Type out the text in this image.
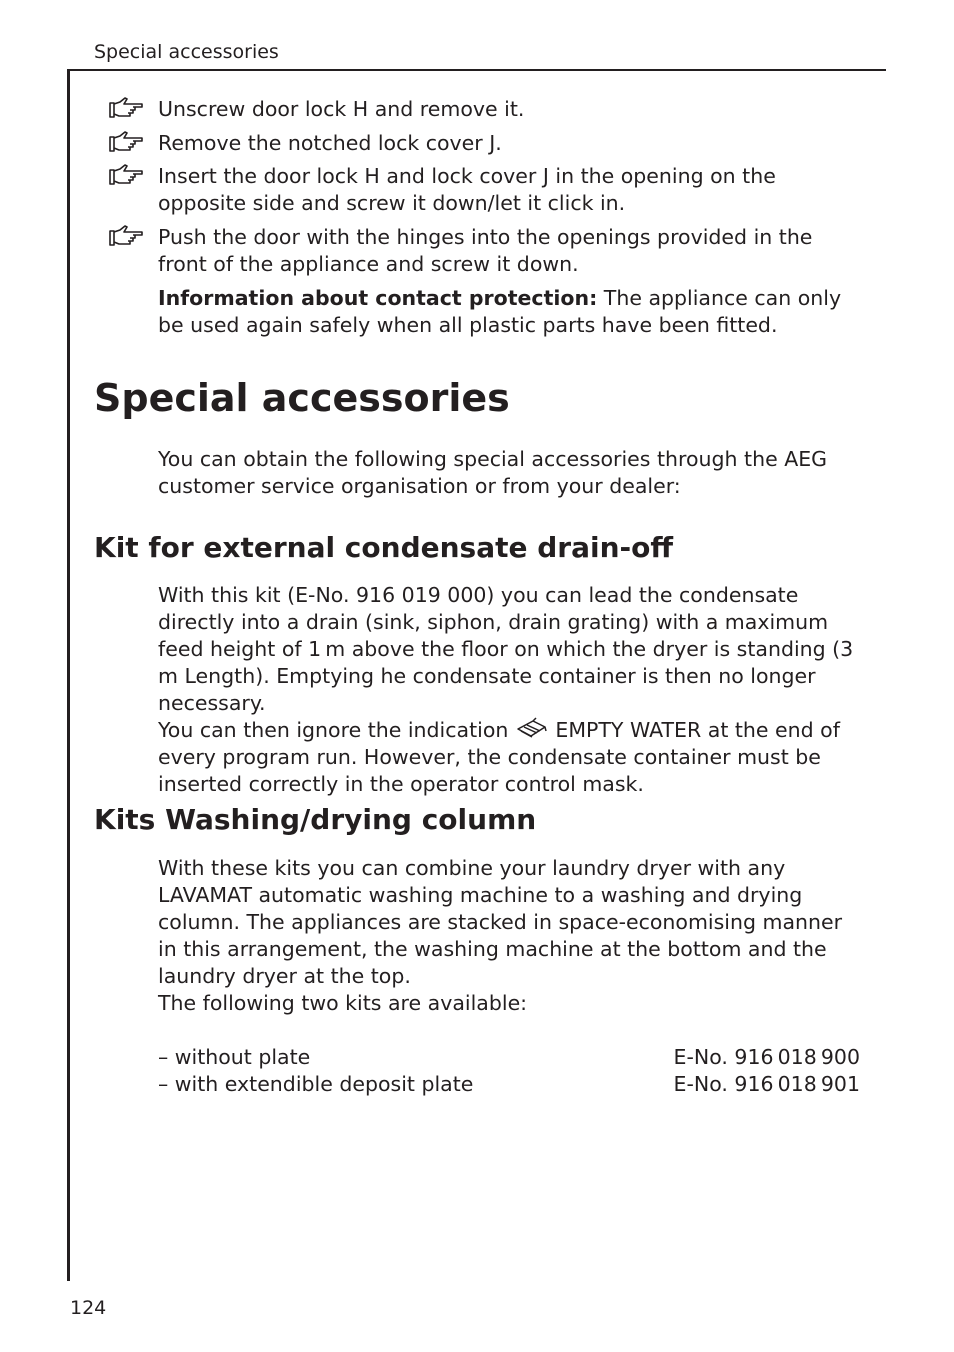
Special accessories
Unscrew door lock H and remove it.
Remove the notched lock cover J.
Insert the door lock H and lock cover J in the opening on the opposite side and screw it down/let it click in.
Push the door with the hinges into the openings provided in the front of the appliance and screw it down.
Information about contact protection: The appliance can only be used again safely when all plastic parts have been fitted.
Special accessories
You can obtain the following special accessories through the AEG customer service organisation or from your dealer:
Kit for external condensate drain-off
With this kit (E-No. 916 019 000) you can lead the condensate directly into a drain (sink, siphon, drain grating) with a maximum feed height of 1 m above the floor on which the dryer is standing (3 m Length). Emptying he condensate container is then no longer necessary.
You can then ignore the indication  EMPTY WATER at the end of every program run. However, the condensate container must be inserted correctly in the operator control mask.
Kits Washing/drying column
With these kits you can combine your laundry dryer with any LAVAMAT automatic washing machine to a washing and drying column. The appliances are stacked in space-economising manner in this arrangement, the washing machine at the bottom and the laundry dryer at the top.
The following two kits are available:
– without plate	E-No. 916 018 900
– with extendible deposit plate	E-No. 916 018 901
124
